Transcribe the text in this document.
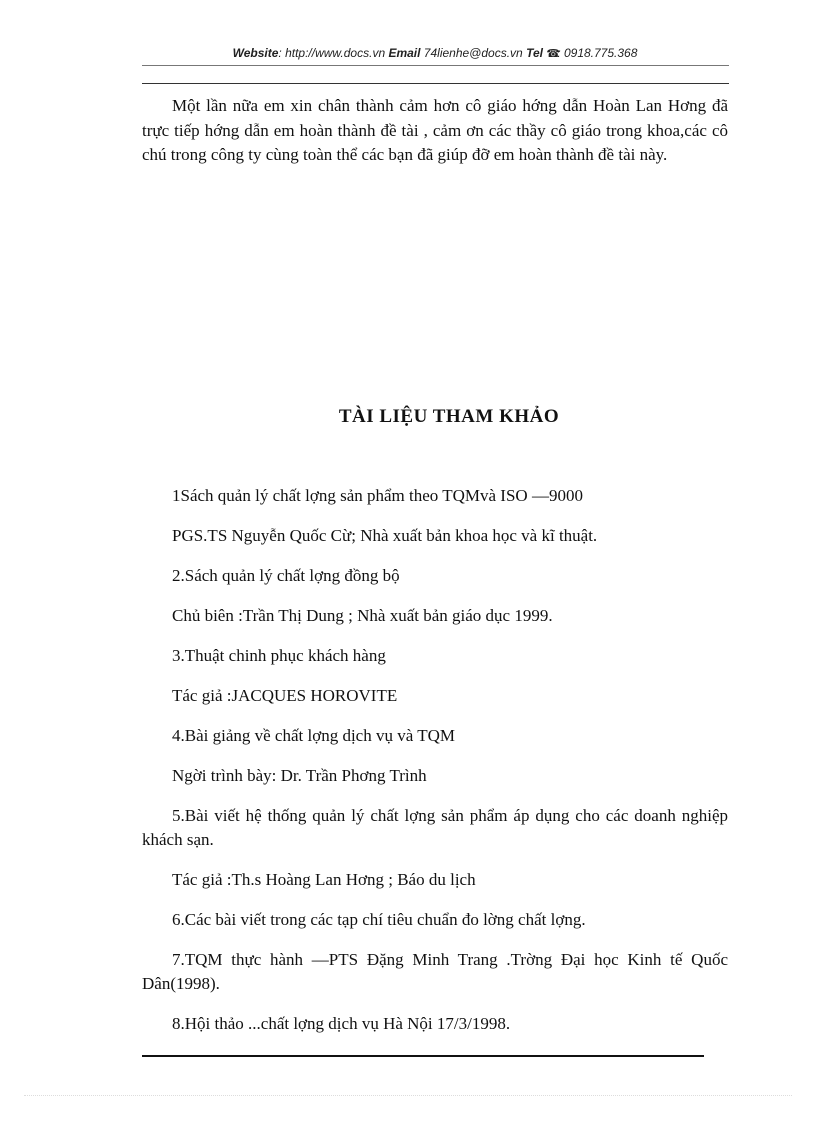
Website: http://www.docs.vn Email 74lienhe@docs.vn Tel ☎: 0918.775.368

Một lần nữa em xin chân thành cảm hơn cô giáo hớng dẫn Hoàn Lan Hơng đã trực tiếp hớng dẫn em hoàn thành đề tài , cảm ơn các thầy cô giáo trong khoa,các cô chú trong công ty cùng toàn thể các bạn đã giúp đỡ em hoàn thành đề tài này.

TÀI LIỆU THAM KHẢO
1Sách quản lý chất lợng sản phẩm theo TQMvà ISO —9000
PGS.TS Nguyễn Quốc Cừ; Nhà xuất bản khoa học và kĩ thuật.
2.Sách quản lý chất lợng đồng bộ
Chủ biên :Trần Thị Dung ; Nhà xuất bản giáo dục 1999.
3.Thuật chinh phục khách hàng
Tác giả :JACQUES HOROVITE
4.Bài giảng về chất lợng dịch vụ và TQM
Ngời trình bày: Dr. Trần Phơng Trình
5.Bài viết hệ thống quản lý chất lợng sản phẩm áp dụng cho các doanh nghiệp khách sạn.
Tác giả :Th.s Hoàng Lan Hơng ; Báo du lịch
6.Các bài viết trong các tạp chí tiêu chuẩn đo lờng chất lợng.
7.TQM thực hành —PTS Đặng Minh Trang .Trờng Đại học Kinh tế Quốc Dân(1998).
8.Hội thảo ...chất lợng dịch vụ Hà Nội 17/3/1998.
